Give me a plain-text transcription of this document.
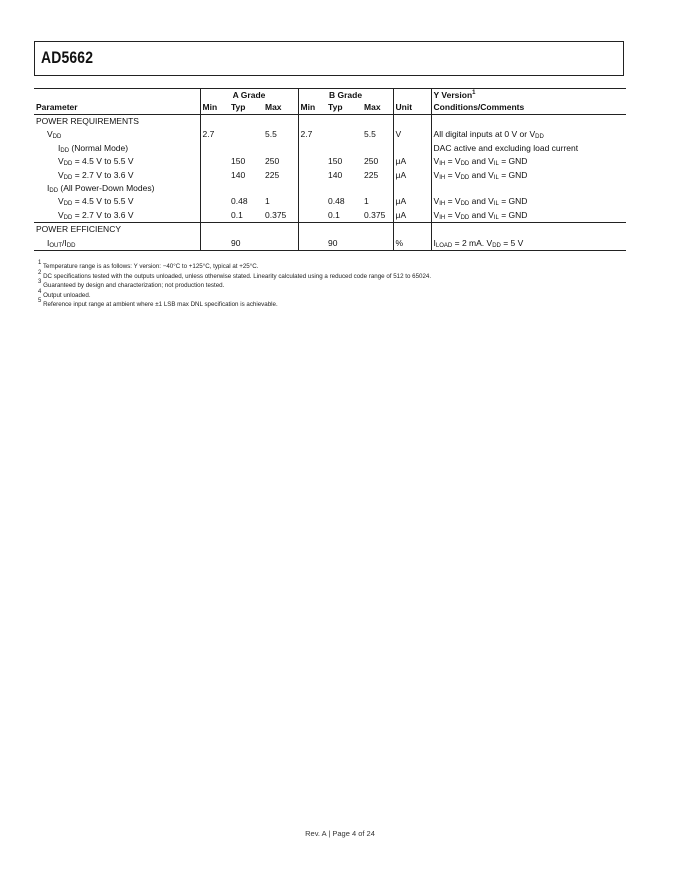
AD5662
	A Grade			B Grade				Y Version$^1$
Parameter	Min	Typ	Max	Min	Typ	Max	Unit	Conditions/Comments
POWER REQUIREMENTS								
VDD	2.7		5.5	2.7		5.5	V	All digital inputs at 0 V or VDD
IDD (Normal Mode)								DAC active and excluding load current
VDD = 4.5 V to 5.5 V		150	250		150	250	μA	VIH = VDD and VIL = GND
VDD = 2.7 V to 3.6 V		140	225		140	225	μA	VIH = VDD and VIL = GND
IDD (All Power-Down Modes)								
VDD = 4.5 V to 5.5 V		0.48	1		0.48	1	μA	VIH = VDD and VIL = GND
VDD = 2.7 V to 3.6 V		0.1	0.375		0.1	0.375	μA	VIH = VDD and VIL = GND
POWER EFFICIENCY								
IOUT/IDD		90			90		%	ILOAD = 2 mA. VDD = 5 V
1 Temperature range is as follows: Y version: −40°C to +125°C, typical at +25°C.
2 DC specifications tested with the outputs unloaded, unless otherwise stated. Linearity calculated using a reduced code range of 512 to 65024.
3 Guaranteed by design and characterization; not production tested.
4 Output unloaded.
5 Reference input range at ambient where ±1 LSB max DNL specification is achievable.
Rev. A | Page 4 of 24
